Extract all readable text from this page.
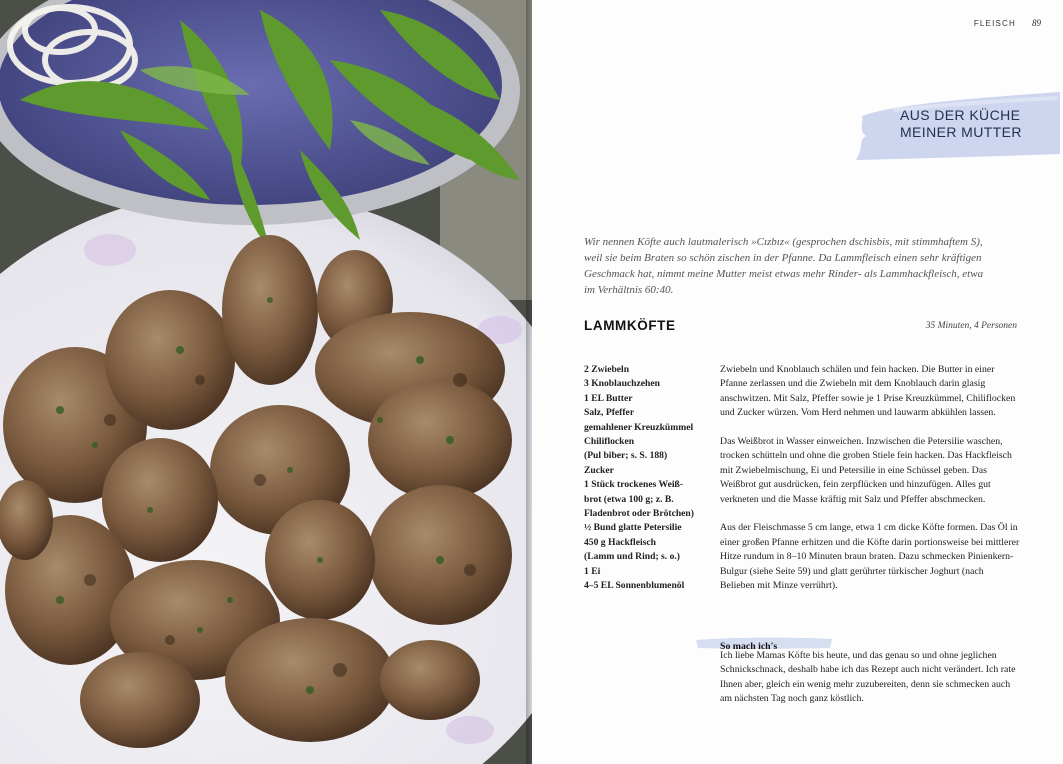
FLEISCH 89
AUS DER KÜCHE
MEINER MUTTER

Wir nennen Köfte auch lautmalerisch »Cızbız« (gesprochen dschisbis, mit stimmhaftem S),

weil sie beim Braten so schön zischen in der Pfanne. Da Lammfleisch einen sehr kräftigen

Geschmack hat, nimmt meine Mutter meist etwas mehr Rinder- als Lammhackfleisch, etwa

im Verhältnis 60:40.

LAMMKÖFTE	35 Minuten, 4 Personen
2 Zwiebeln
3 Knoblauchzehen
1 EL Butter
Salz, Pfeffer
gemahlener Kreuzkümmel
Chiliflocken
(Pul biber; s. S. 188)
Zucker
1 Stück trockenes Weiß-
brot (etwa 100 g; z. B.
Fladenbrot oder Brötchen)
½ Bund glatte Petersilie
450 g Hackfleisch
(Lamm und Rind; s. o.)
1 Ei
4–5 EL Sonnenblumenöl

Zwiebeln und Knoblauch schälen und fein hacken. Die Butter in einer Pfanne zerlassen und die Zwiebeln mit dem Knoblauch darin glasig anschwitzen. Mit Salz, Pfeffer sowie je 1 Prise Kreuzkümmel, Chiliflocken und Zucker würzen. Vom Herd nehmen und lauwarm abkühlen lassen.

Das Weißbrot in Wasser einweichen. Inzwischen die Petersilie waschen, trocken schütteln und ohne die groben Stiele fein hacken. Das Hackfleisch mit Zwiebelmischung, Ei und Petersilie in eine Schüssel geben. Das Weißbrot gut ausdrücken, fein zerpflücken und hinzufügen. Alles gut verkneten und die Masse kräftig mit Salz und Pfeffer abschmecken.

Aus der Fleischmasse 5 cm lange, etwa 1 cm dicke Köfte formen. Das Öl in einer großen Pfanne erhitzen und die Köfte darin portionsweise bei mittlerer Hitze rundum in 8–10 Minuten braun braten. Dazu schmecken Pinienkern-Bulgur (siehe Seite 59) und glatt gerührter türkischer Joghurt (nach Belieben mit Minze verrührt).

So mach ich's

Ich liebe Mamas Köfte bis heute, und das genau so und ohne jeglichen Schnickschnack, deshalb habe ich das Rezept auch nicht verändert. Ich rate Ihnen aber, gleich ein wenig mehr zuzubereiten, denn sie schmecken auch am nächsten Tag noch ganz köstlich.
